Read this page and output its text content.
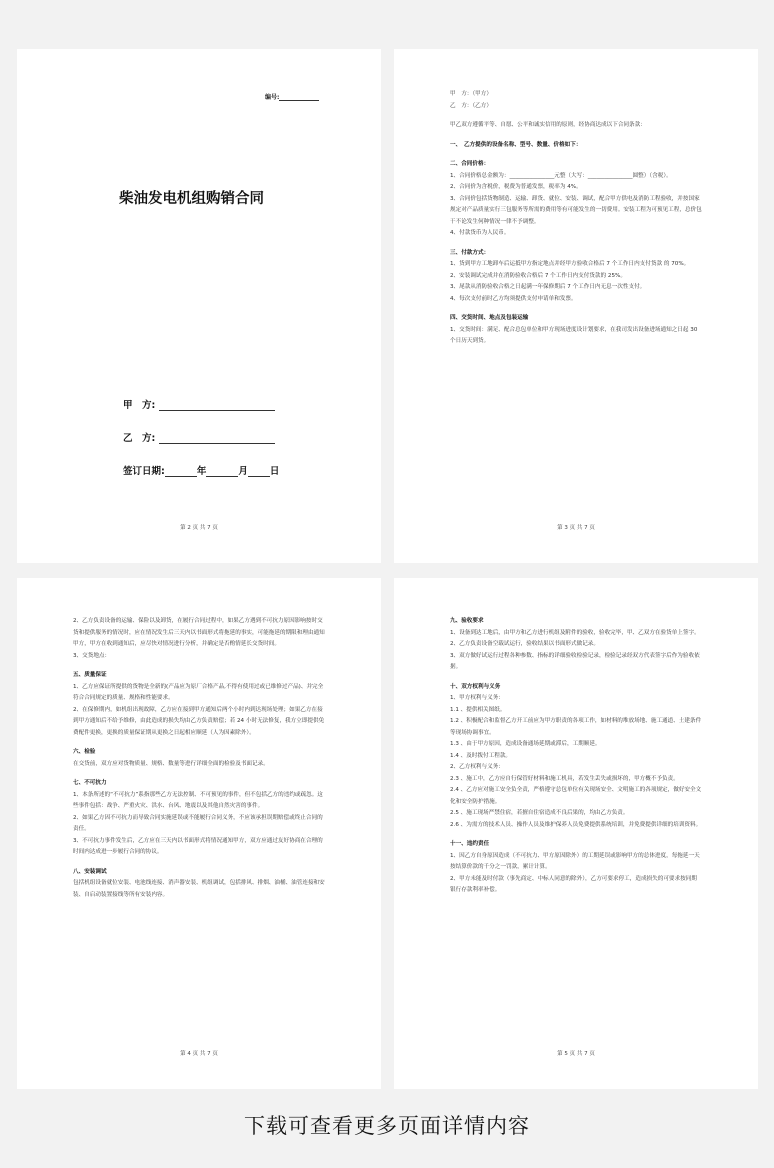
编号:
柴油发电机组购销合同
甲　方:
乙　方:
签订日期:	年	月 日
第 2 页 共 7 页

甲　方：（甲方）

乙　方：（乙方）

甲乙双方遵循平等、自愿、公平和诚实信用的原则，经协商达成以下合同条款：

一、　乙方提供的设备名称、型号、数量、价格如下：

二、合同价格：

1、合同价格总金额为：________________元整（大写：________________圆整）（含税）。

2、合同价为含税价，税费为普通发票，税率为 4%。

3、合同价包括货物制造、运输、卸货、就位、安装、调试，配合甲方供电及消防工程验收，并按国家规定对产品质量实行三包服务等所需的费用等有可能发生的一切费用。安装工程为可预见工程，总价包干不论发生何种情况一律不予调整。

4、付款货币为人民币。

三、付款方式：

1、货到甲方工地卸车后运抵甲方指定地点并经甲方验收合格后 7 个工作日内支付货款 的 70%。

2、安装调试完成并在消防验收合格后 7 个工作日内支付货款的 25%。

3、尾款从消防验收合格之日起满一年保修期后 7 个工作日内无息一次性支付。

4、每次支付前时乙方均须提供支付申请单和发票。

四、交货时间、地点及包装运输

1、交货时间：满足、配合总包单位和甲方现场进度设计划要求，在我司发出设备进场通知之日起 30 个日历天到货。

第 3 页 共 7 页

2、乙方负责设备的运输、保险以及卸货，在履行合同过程中，如果乙方遇到不可抗力原因影响按时交货和提供服务的情况时，应在情况发生后三天内以书面形式将拖延的事实，可能拖延的期限和理由通知甲方，甲方在收到通知后，应尽快对情况进行分析，并确定是否酌情延长交货时间。

3、交货地点：

五、质量保证

1、乙方应保证所提供的货物是全新的(产品应为原厂合格产品,不得有使用过或已维修过产品)、并完全符合合同规定的质量、规格和性能要求。

2、在保修期内，如机组出现故障，乙方应在接到甲方通知后两个小时内到达现场处理；如果乙方在接到甲方通知后不给予维修，由此造成的损失均由乙方负责赔偿；若 24 小时无法修复，我方立即提供免费配件更换，更换的质量保证期从更换之日起相应顺延（人为因素除外）。

六、检验

在交货前，双方应对货物质量、规格、数量等进行详细全面的检验及书面记录。

七、不可抗力

1、本条所述的“不可抗力”系指那些乙方无法控制、不可预见的事件，但不包括乙方的违约或疏忽。这些事件包括：战争、严重火灾、洪水、台风、地震以及其他自然灾害的事件。

2、如果乙方因不可抗力而导致合同实施延误或不能履行合同义务，不应该承担误期赔偿或终止合同的责任。

3、不可抗力事件发生后，乙方应在三天内以书面形式将情况通知甲方，双方应通过友好协商在合理的时间内达成进一步履行合同的协议。

八、安装调试

包括机组设备就位安装、电池线连接、消声器安装、机组调试，包括排风、排烟、油桶、油管连接和安装、自启动装置接线等所有安装内容。

第 4 页 共 7 页

九、验收要求

1、设备到达工地后，由甲方和乙方进行机组及附件的验收，验收完毕，甲、乙双方在验货单上签字。

2、乙方负责设备空载试运行，验收结果以书面形式做记录。

3、双方做好试运行过程各种参数、指标的详细验收检验记录，检验记录经双方代表签字后作为验收依据。

十、双方权利与义务

1、甲方权利与义务：

1.1 、提供相关图纸。

1.2 、积极配合和监督乙方开工前应为甲方职责的各项工作，如材料的堆放场地、施工通道、土建条件等现场协调事宜。

1.3 、由于甲方原因，造成设备通场延期或滞后，工期顺延。

1.4 、及时拨付工程款。

2、乙方权利与义务：

2.3 、施工中，乙方应自行保管好材料和施工机具，若发生丢失或损坏的，甲方概不予负责。

2.4 、乙方应对施工安全负全责，严格遵守总包单位有关现场安全、文明施工的各项规定，做好安全文化和安全防护措施。

2.5 、施工现场严禁住宿，若擅自住宿造成不良后果的，均由乙方负责。

2.6 、为需方的技术人员、操作人员及维护保养人员免费提供系统培训，并免费提供详细的培训资料。

十一、违约责任

1、因乙方自身原因造成（不可抗力、甲方原因除外）的工期延误或影响甲方的总体进度，每拖延一天按结算价款的千分之一罚款，累计计算。

2、甲方未能及时付款（事先商定、中标人同意的除外），乙方可要求停工，造成损失的可要求按同期银行存款利率补偿。

第 5 页 共 7 页
下载可查看更多页面详情内容
